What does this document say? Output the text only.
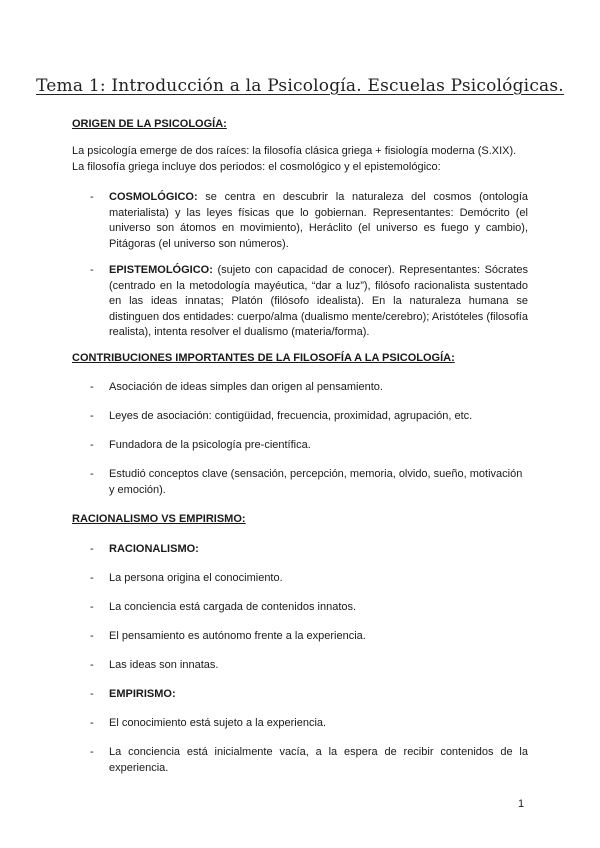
Tema 1: Introducción a la Psicología. Escuelas Psicológicas.
ORIGEN DE LA PSICOLOGÍA:
La psicología emerge de dos raíces: la filosofía clásica griega + fisiología moderna (S.XIX).
La filosofía griega incluye dos periodos: el cosmológico y el epistemológico:
- COSMOLÓGICO: se centra en descubrir la naturaleza del cosmos (ontología materialista) y las leyes físicas que lo gobiernan. Representantes: Demócrito (el universo son átomos en movimiento), Heráclito (el universo es fuego y cambio), Pitágoras (el universo son números).
- EPISTEMOLÓGICO: (sujeto con capacidad de conocer). Representantes: Sócrates (centrado en la metodología mayéutica, “dar a luz”), filósofo racionalista sustentado en las ideas innatas; Platón (filósofo idealista). En la naturaleza humana se distinguen dos entidades: cuerpo/alma (dualismo mente/cerebro); Aristóteles (filosofía realista), intenta resolver el dualismo (materia/forma).
CONTRIBUCIONES IMPORTANTES DE LA FILOSOFÍA A LA PSICOLOGÍA:
- Asociación de ideas simples dan origen al pensamiento.
- Leyes de asociación: contigüidad, frecuencia, proximidad, agrupación, etc.
- Fundadora de la psicología pre-científica.
- Estudió conceptos clave (sensación, percepción, memoria, olvido, sueño, motivación y emoción).
RACIONALISMO VS EMPIRISMO:
- RACIONALISMO:
- La persona origina el conocimiento.
- La conciencia está cargada de contenidos innatos.
- El pensamiento es autónomo frente a la experiencia.
- Las ideas son innatas.
- EMPIRISMO:
- El conocimiento está sujeto a la experiencia.
- La conciencia está inicialmente vacía, a la espera de recibir contenidos de la experiencia.
1
